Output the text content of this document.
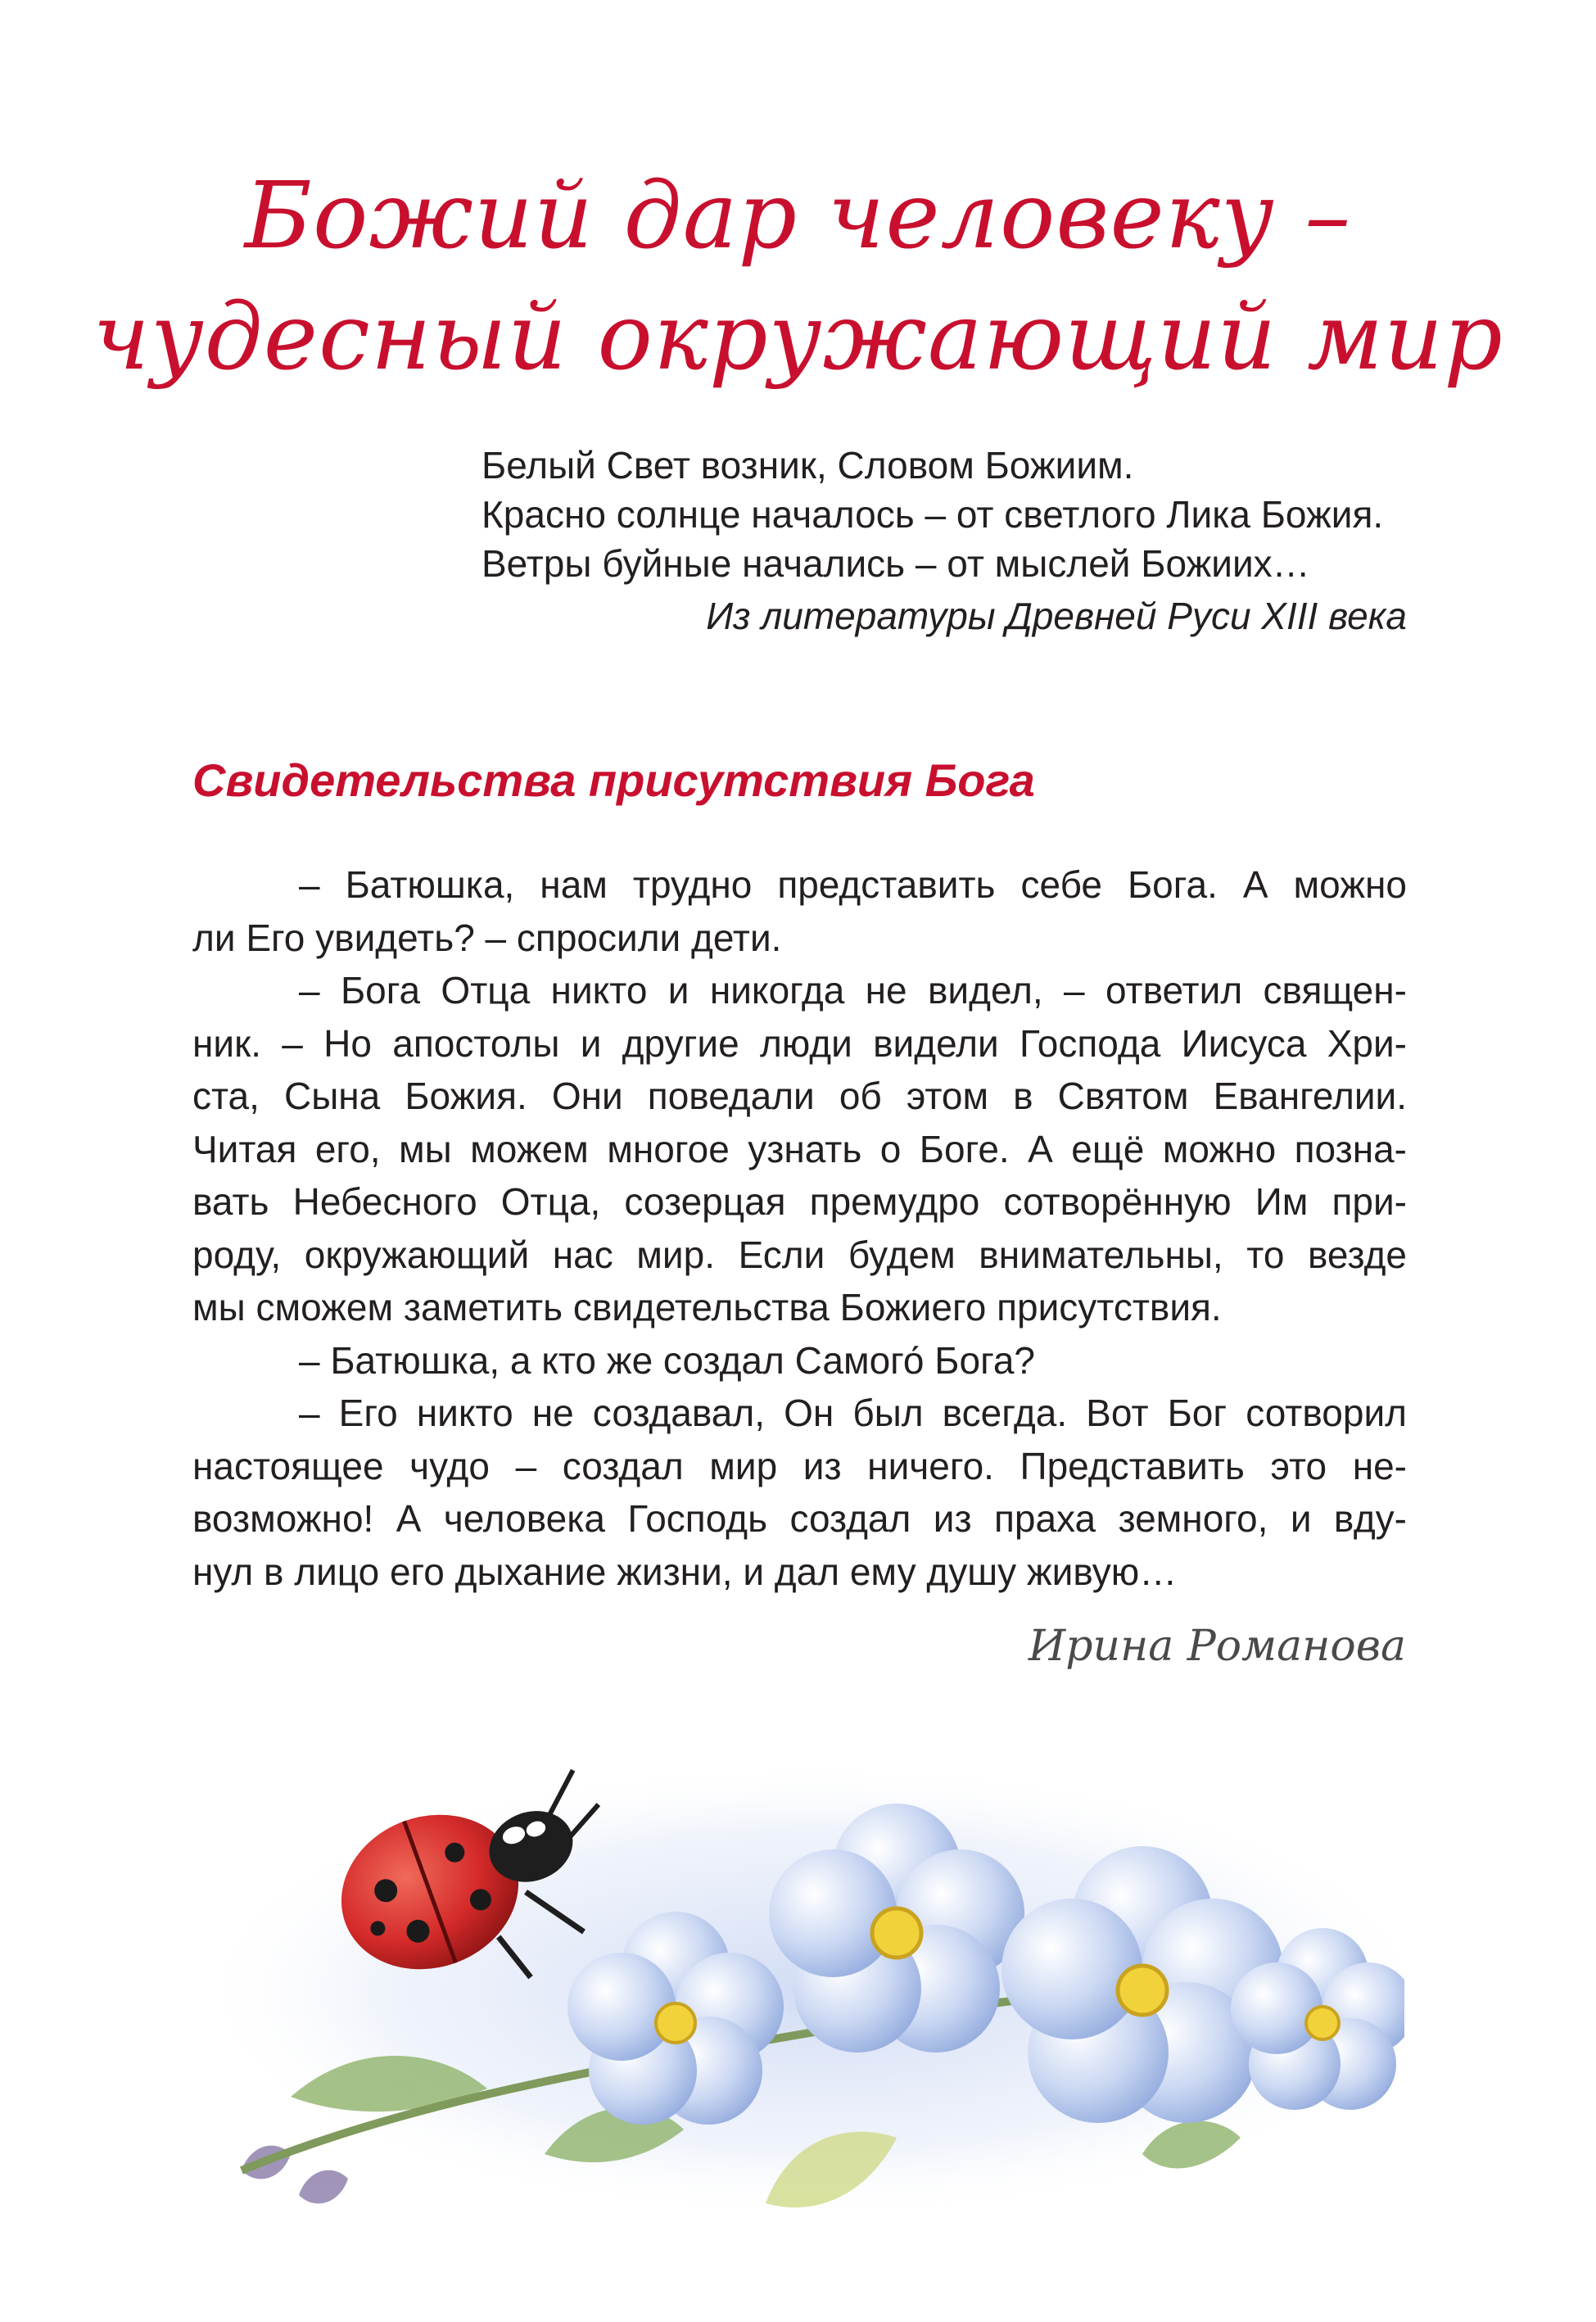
Божий дар человеку –
чудесный окружающий мир
Белый Свет возник, Словом Божиим.
Красно солнце началось – от светлого Лика Божия.
Ветры буйные начались – от мыслей Божиих…
Из литературы Древней Руси XIII века
Свидетельства присутствия Бога
– Батюшка, нам трудно представить себе Бога. А можно
ли Его увидеть? – спросили дети.
– Бога Отца никто и никогда не видел, – ответил священ-
ник. – Но апостолы и другие люди видели Господа Иисуса Хри-
ста, Сына Божия. Они поведали об этом в Святом Евангелии.
Читая его, мы можем многое узнать о Боге. А ещё можно позна-
вать Небесного Отца, созерцая премудро сотворённую Им при-
роду, окружающий нас мир. Если будем внимательны, то везде
мы сможем заметить свидетельства Божиего присутствия.
– Батюшка, а кто же создал Самого́ Бога?
– Его никто не создавал, Он был всегда. Вот Бог сотворил
настоящее чудо – создал мир из ничего. Представить это не-
возможно! А человека Господь создал из праха земного, и вду-
нул в лицо его дыхание жизни, и дал ему душу живую…

Ирина Романова
